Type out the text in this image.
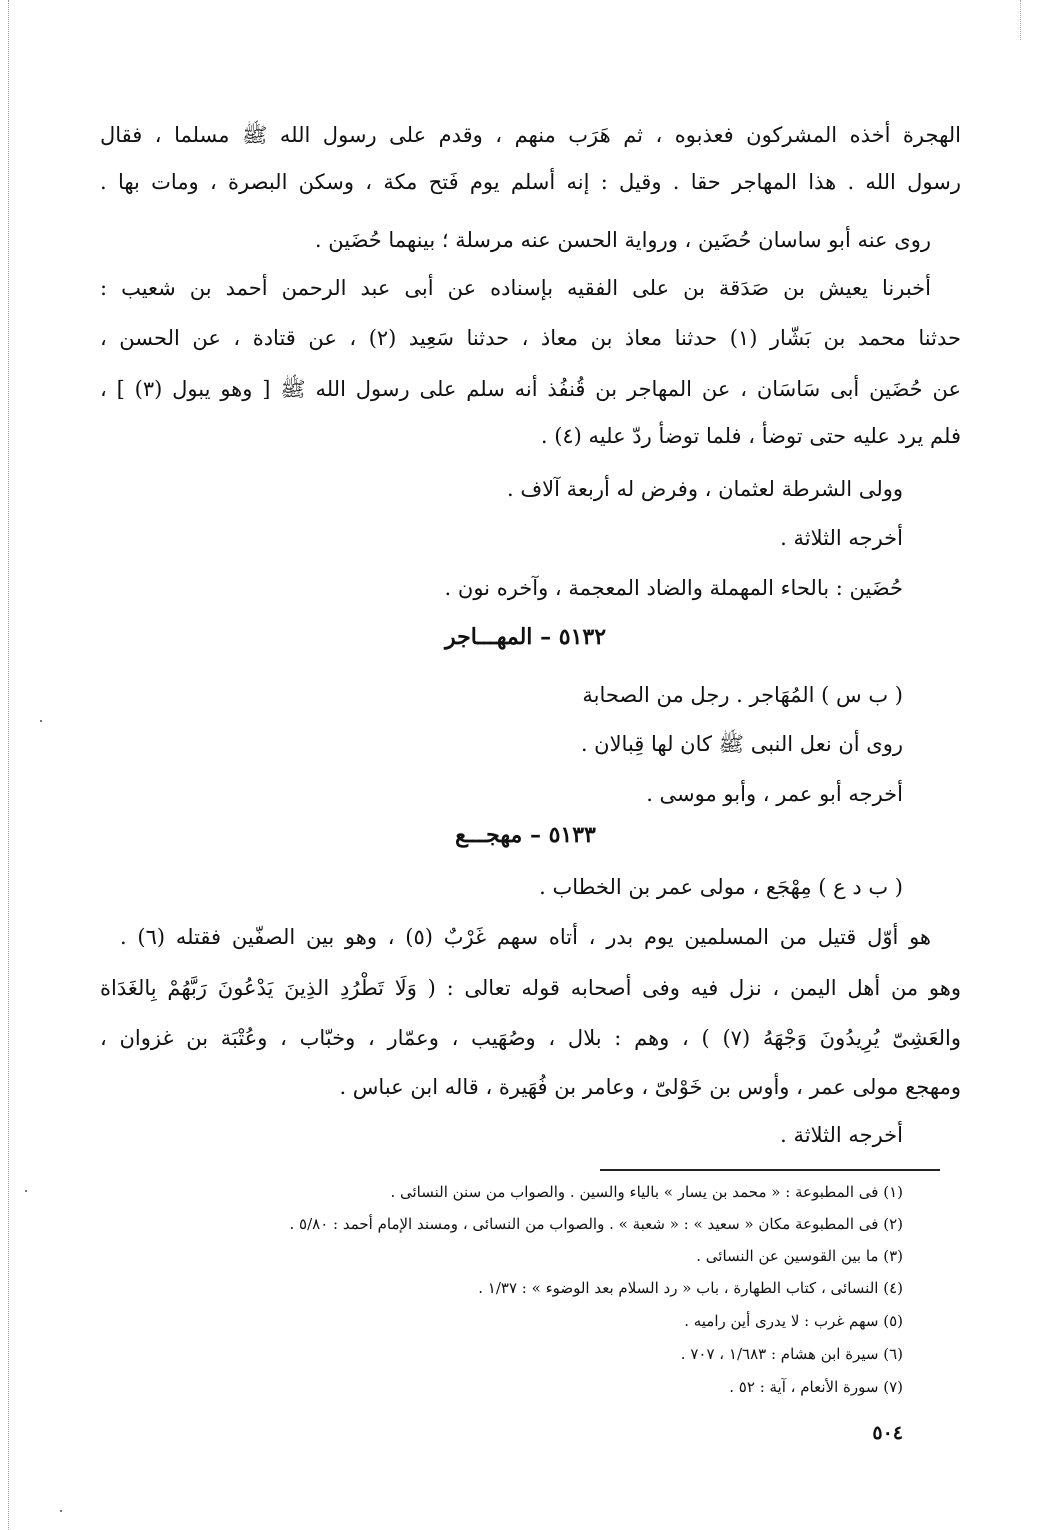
الهجرة أخذه المشركون فعذبوه ، ثم هَرَب منهم ، وقدم على رسول الله ﷺ مسلما ، فقال
رسول الله . هذا المهاجر حقا . وقيل : إنه أسلم يوم فَتح مكة ، وسكن البصرة ، ومات بها .
روى عنه أبو ساسان حُضَين ، ورواية الحسن عنه مرسلة ؛ بينهما حُضَين .
أخبرنا يعيش بن صَدَقة بن على الفقيه بإسناده عن أبى عبد الرحمن أحمد بن شعيب :
حدثنا محمد بن بَشّار (١) حدثنا معاذ بن معاذ ، حدثنا سَعِيد (٢) ، عن قتادة ، عن الحسن ،
عن حُضَين أبى سَاسَان ، عن المهاجر بن قُنفُذ أنه سلم على رسول الله ﷺ [ وهو يبول (٣) ] ،
فلم يرد عليه حتى توضأ ، فلما توضأ ردّ عليه (٤) .
وولى الشرطة لعثمان ، وفرض له أربعة آلاف .
أخرجه الثلاثة .
حُضَين : بالحاء المهملة والضاد المعجمة ، وآخره نون .
٥١٣٢ – المهـــاجر
( ب س ) المُهَاجر . رجل من الصحابة
روى أن نعل النبى ﷺ كان لها قِبالان .
أخرجه أبو عمر ، وأبو موسى .
٥١٣٣ – مهجـــع
( ب د ع ) مِهْجَع ، مولى عمر بن الخطاب .
هو أوّل قتيل من المسلمين يوم بدر ، أتاه سهم غَرْبٌ (٥) ، وهو بين الصفّين فقتله (٦) .
وهو من أهل اليمن ، نزل فيه وفى أصحابه قوله تعالى : ( وَلَا تَطْرُدِ الذِينَ يَدْعُونَ رَبَّهُمْ بِالغَدَاة
والعَشِىّ يُرِيدُونَ وَجْهَهُ (٧) ) ، وهم : بلال ، وصُهَيب ، وعمّار ، وخبّاب ، وعُتْبَة بن غزوان ،
ومهجع مولى عمر ، وأوس بن خَوْلىّ ، وعامر بن فُهَيرة ، قاله ابن عباس .
أخرجه الثلاثة .
(١) فى المطبوعة : « محمد بن يسار » بالياء والسين . والصواب من سنن النسائى .
(٢) فى المطبوعة مكان « سعيد » : « شعبة » . والصواب من النسائى ، ومسند الإمام أحمد : ٥/٨٠ .
(٣) ما بين القوسين عن النسائى .
(٤) النسائى ، كتاب الطهارة ، باب « رد السلام بعد الوضوء » : ١/٣٧ .
(٥) سهم غرب : لا يدرى أين راميه .
(٦) سيرة ابن هشام : ١/٦٨٣ ، ٧٠٧ .
(٧) سورة الأنعام ، آية : ٥٢ .
٥٠٤
